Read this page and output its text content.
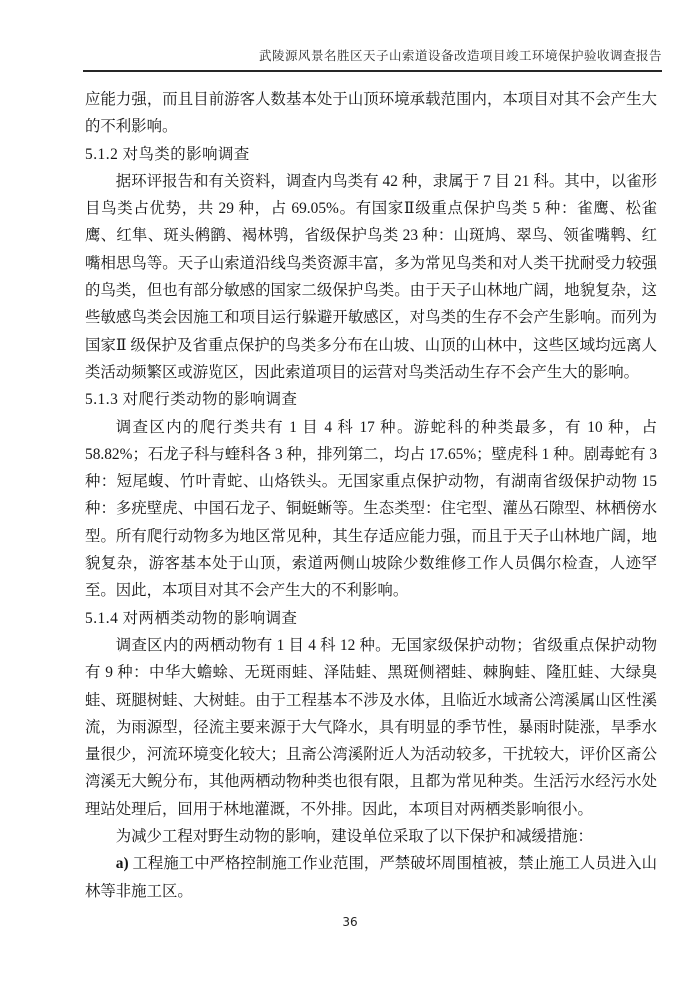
武陵源风景名胜区天子山索道设备改造项目竣工环境保护验收调查报告
应能力强，而且目前游客人数基本处于山顶环境承载范围内，本项目对其不会产生大的不利影响。
5.1.2 对鸟类的影响调查
据环评报告和有关资料，调查内鸟类有 42 种，隶属于 7 目 21 科。其中，以雀形目鸟类占优势，共 29 种，占 69.05%。有国家Ⅱ级重点保护鸟类 5 种：雀鹰、松雀鹰、红隼、斑头鸺鹠、褐林鸮，省级保护鸟类 23 种：山斑鸠、翠鸟、领雀嘴鹎、红嘴相思鸟等。天子山索道沿线鸟类资源丰富，多为常见鸟类和对人类干扰耐受力较强的鸟类，但也有部分敏感的国家二级保护鸟类。由于天子山林地广阔，地貌复杂，这些敏感鸟类会因施工和项目运行躲避开敏感区，对鸟类的生存不会产生影响。而列为国家Ⅱ 级保护及省重点保护的鸟类多分布在山坡、山顶的山林中，这些区域均远离人类活动频繁区或游览区，因此索道项目的运营对鸟类活动生存不会产生大的影响。
5.1.3 对爬行类动物的影响调查
调查区内的爬行类共有 1 目 4 科 17 种。游蛇科的种类最多，有 10 种，占 58.82%；石龙子科与蝰科各 3 种，排列第二，均占 17.65%；壁虎科 1 种。剧毒蛇有 3 种：短尾蝮、竹叶青蛇、山烙铁头。无国家重点保护动物，有湖南省级保护动物 15 种：多疣壁虎、中国石龙子、铜蜓蜥等。生态类型：住宅型、灌丛石隙型、林栖傍水型。所有爬行动物多为地区常见种，其生存适应能力强，而且于天子山林地广阔，地貌复杂，游客基本处于山顶，索道两侧山坡除少数维修工作人员偶尔检查，人迹罕至。因此，本项目对其不会产生大的不利影响。
5.1.4 对两栖类动物的影响调查
调查区内的两栖动物有 1 目 4 科 12 种。无国家级保护动物；省级重点保护动物有 9 种：中华大蟾蜍、无斑雨蛙、泽陆蛙、黑斑侧褶蛙、棘胸蛙、隆肛蛙、大绿臭蛙、斑腿树蛙、大树蛙。由于工程基本不涉及水体，且临近水域斋公湾溪属山区性溪流，为雨源型，径流主要来源于大气降水，具有明显的季节性，暴雨时陡涨，旱季水量很少，河流环境变化较大；且斋公湾溪附近人为活动较多，干扰较大，评价区斋公湾溪无大鲵分布，其他两栖动物种类也很有限，且都为常见种类。生活污水经污水处理站处理后，回用于林地灌溉，不外排。因此，本项目对两栖类影响很小。
为减少工程对野生动物的影响，建设单位采取了以下保护和减缓措施：
a) 工程施工中严格控制施工作业范围，严禁破坏周围植被，禁止施工人员进入山林等非施工区。
36
